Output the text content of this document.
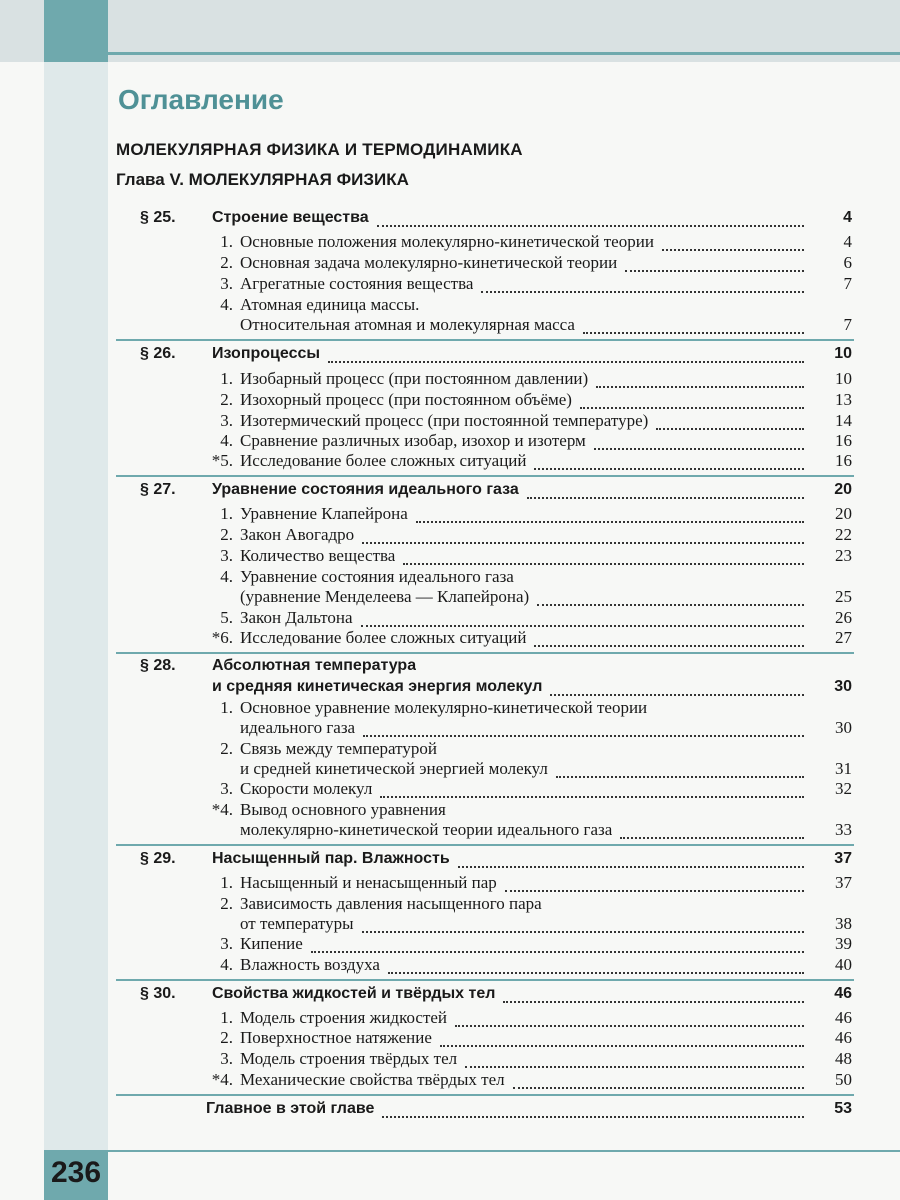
Оглавление
МОЛЕКУЛЯРНАЯ ФИЗИКА И ТЕРМОДИНАМИКА
Глава V. МОЛЕКУЛЯРНАЯ ФИЗИКА
§ 25.	Строение вещества	4
1. Основные положения молекулярно-кинетической теории	4
2. Основная задача молекулярно-кинетической теории	6
3. Агрегатные состояния вещества	7
4. Атомная единица массы.
Относительная атомная и молекулярная масса	7
§ 26.	Изопроцессы	10
1. Изобарный процесс (при постоянном давлении)	10
2. Изохорный процесс (при постоянном объёме)	13
3. Изотермический процесс (при постоянной температуре)	14
4. Сравнение различных изобар, изохор и изотерм	16
*5. Исследование более сложных ситуаций	16
§ 27.	Уравнение состояния идеального газа	20
1. Уравнение Клапейрона	20
2. Закон Авогадро	22
3. Количество вещества	23
4. Уравнение состояния идеального газа
(уравнение Менделеева — Клапейрона)	25
5. Закон Дальтона	26
*6. Исследование более сложных ситуаций	27
§ 28.	Абсолютная температура
и средняя кинетическая энергия молекул	30
1. Основное уравнение молекулярно-кинетической теории
идеального газа	30
2. Связь между температурой
и средней кинетической энергией молекул	31
3. Скорости молекул	32
*4. Вывод основного уравнения
молекулярно-кинетической теории идеального газа	33
§ 29.	Насыщенный пар. Влажность	37
1. Насыщенный и ненасыщенный пар	37
2. Зависимость давления насыщенного пара
от температуры	38
3. Кипение	39
4. Влажность воздуха	40
§ 30.	Свойства жидкостей и твёрдых тел	46
1. Модель строения жидкостей	46
2. Поверхностное натяжение	46
3. Модель строения твёрдых тел	48
*4. Механические свойства твёрдых тел	50
Главное в этой главе	53
236
